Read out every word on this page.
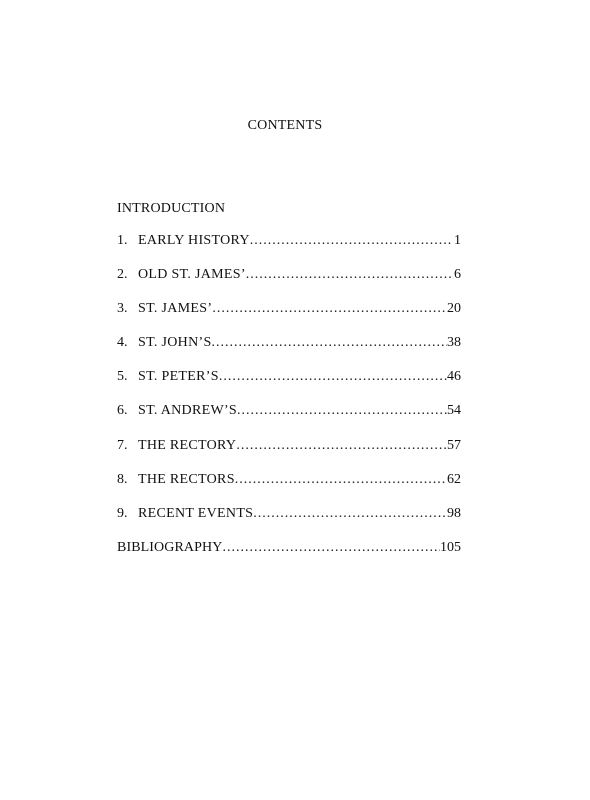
CONTENTS
INTRODUCTION
1. EARLY HISTORY .....	1
2. OLD ST. JAMES’ .....	6
3. ST. JAMES’ .....	20
4. ST. JOHN’S .....	38
5. ST. PETER’S .....	46
6. ST. ANDREW’S .....	54
7. THE RECTORY .....	57
8. THE RECTORS .....	62
9. RECENT EVENTS .....	98
BIBLIOGRAPHY .....	105
